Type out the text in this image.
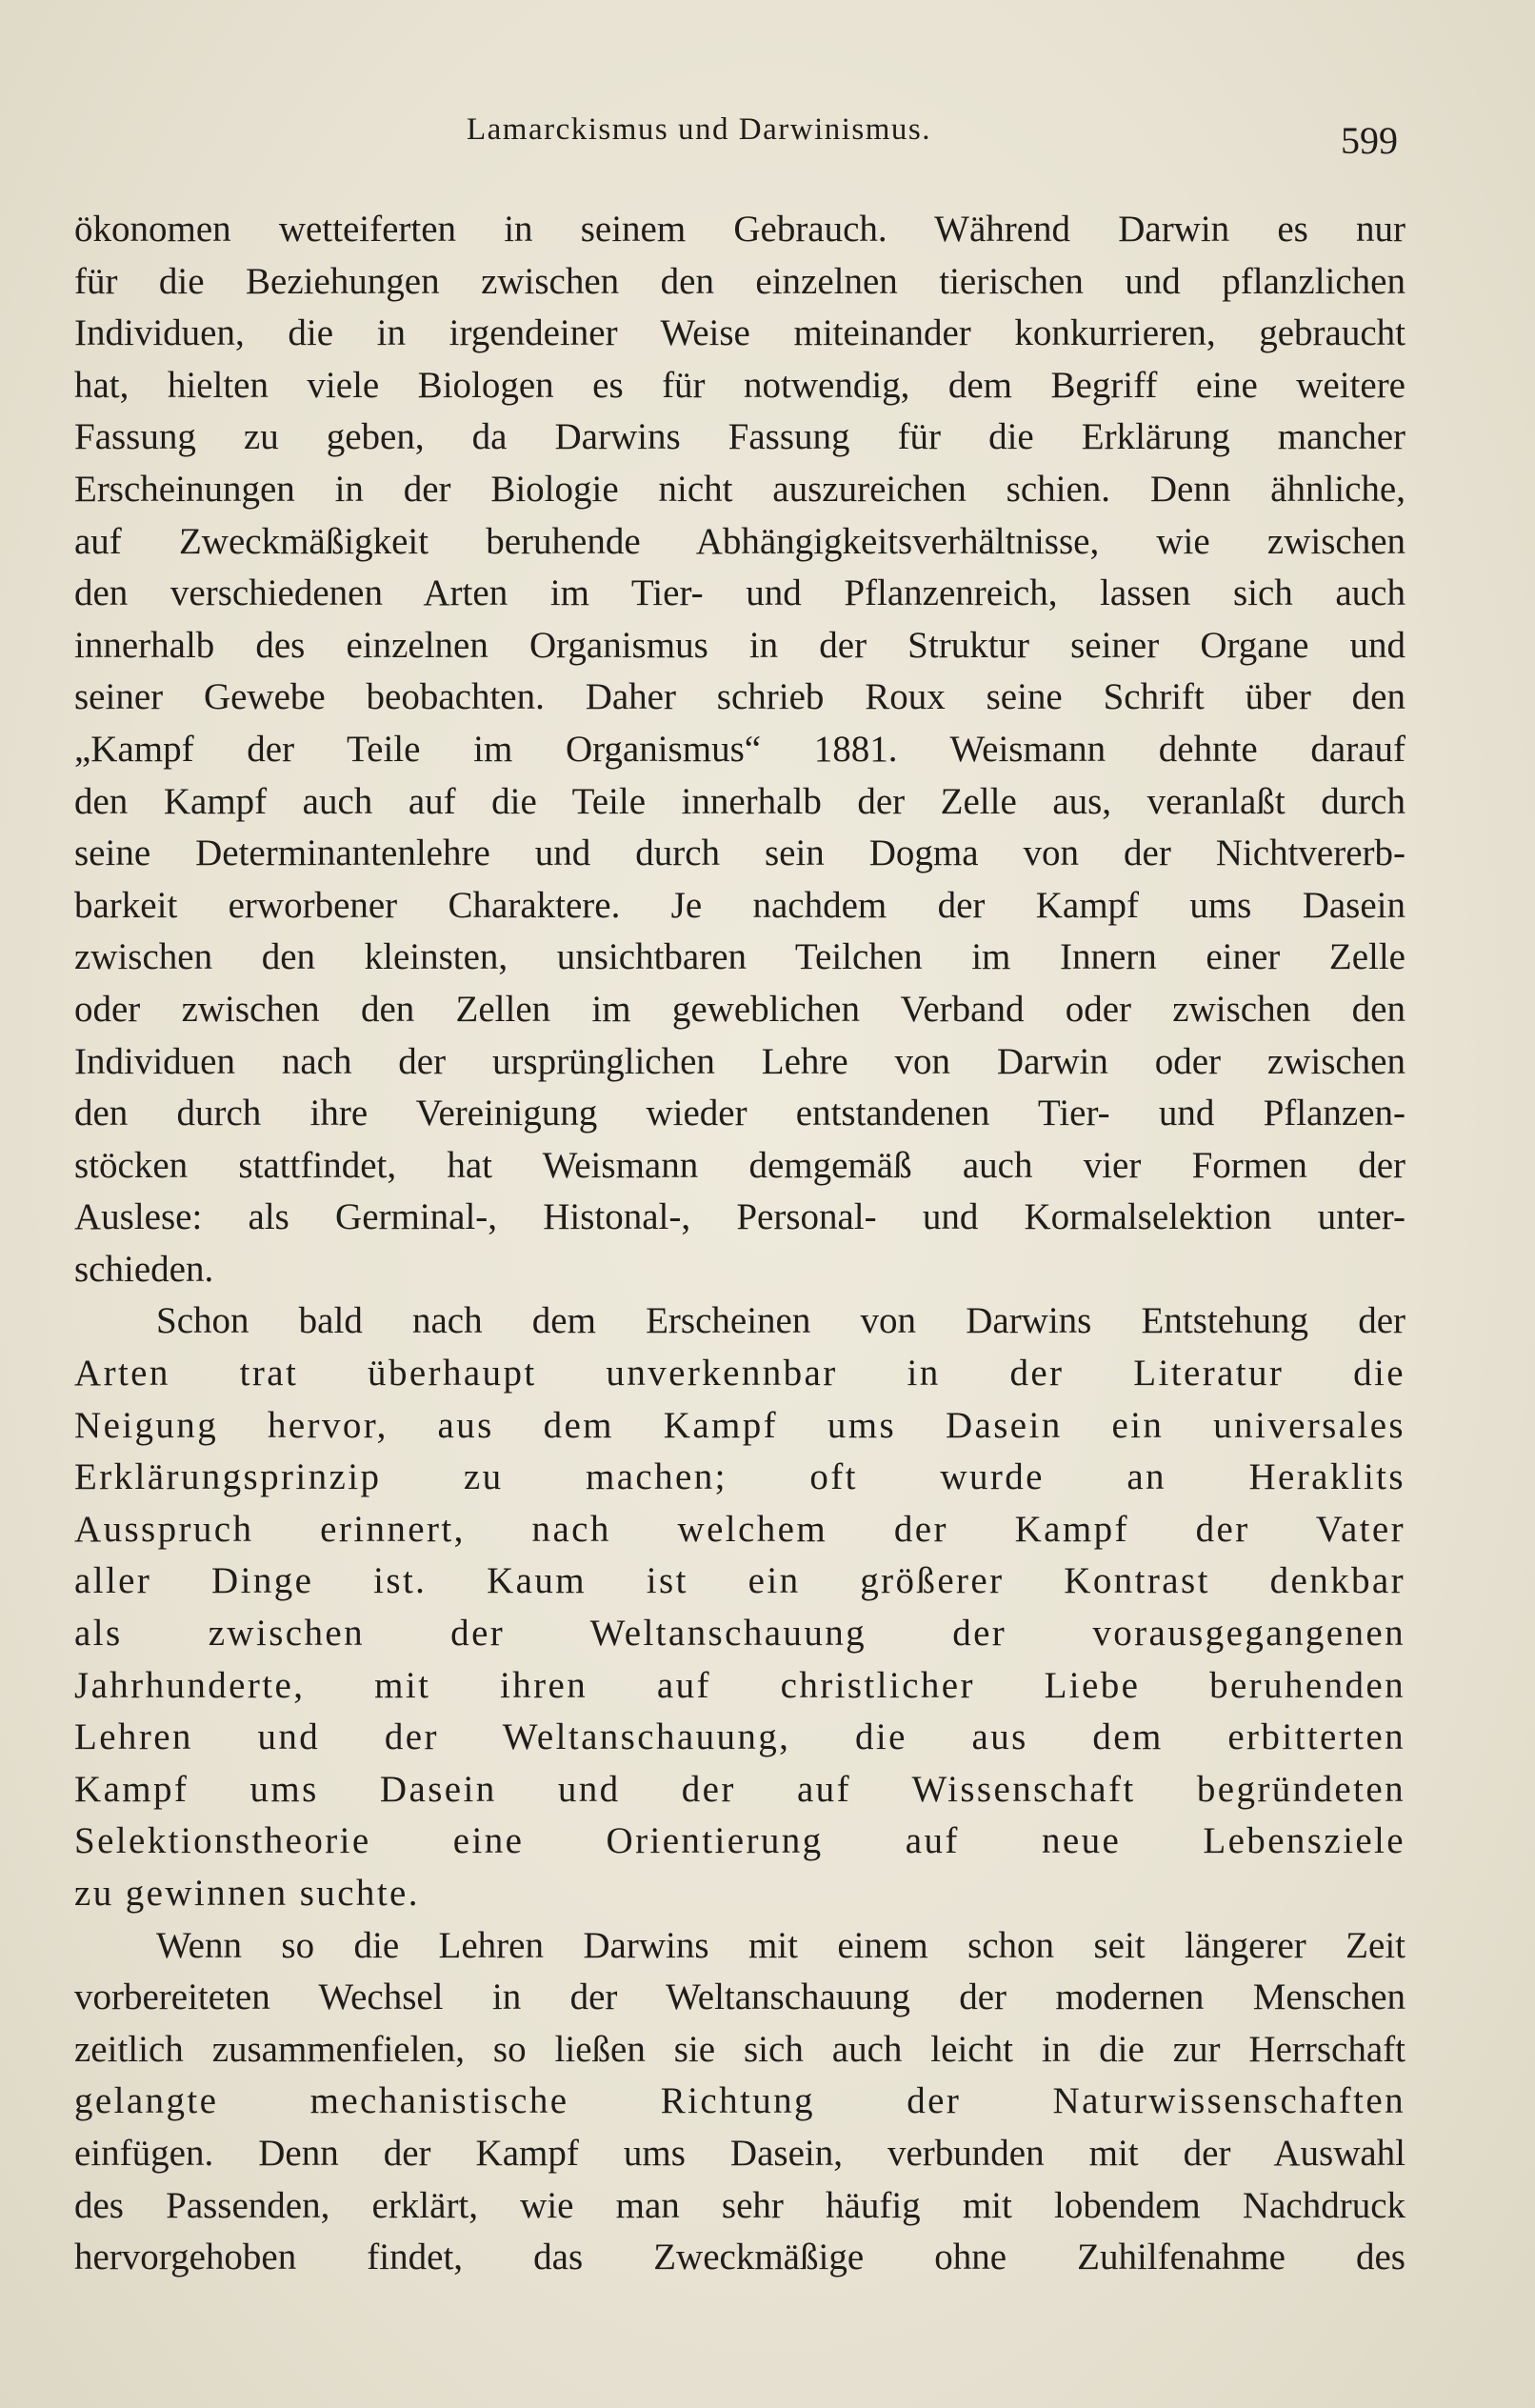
Lamarckismus und Darwinismus.	599
ökonomen wetteiferten in seinem Gebrauch. Während Darwin es nur
für die Beziehungen zwischen den einzelnen tierischen und pflanzlichen
Individuen, die in irgendeiner Weise miteinander konkurrieren, gebraucht
hat, hielten viele Biologen es für notwendig, dem Begriff eine weitere
Fassung zu geben, da Darwins Fassung für die Erklärung mancher
Erscheinungen in der Biologie nicht auszureichen schien. Denn ähnliche,
auf Zweckmäßigkeit beruhende Abhängigkeitsverhältnisse, wie zwischen
den verschiedenen Arten im Tier- und Pflanzenreich, lassen sich auch
innerhalb des einzelnen Organismus in der Struktur seiner Organe und
seiner Gewebe beobachten. Daher schrieb Roux seine Schrift über den
„Kampf der Teile im Organismus“ 1881. Weismann dehnte darauf
den Kampf auch auf die Teile innerhalb der Zelle aus, veranlaßt durch
seine Determinantenlehre und durch sein Dogma von der Nichtvererb-
barkeit erworbener Charaktere. Je nachdem der Kampf ums Dasein
zwischen den kleinsten, unsichtbaren Teilchen im Innern einer Zelle
oder zwischen den Zellen im geweblichen Verband oder zwischen den
Individuen nach der ursprünglichen Lehre von Darwin oder zwischen
den durch ihre Vereinigung wieder entstandenen Tier- und Pflanzen-
stöcken stattfindet, hat Weismann demgemäß auch vier Formen der
Auslese: als Germinal-, Histonal-, Personal- und Kormalselektion unter-
schieden.
Schon bald nach dem Erscheinen von Darwins Entstehung der
Arten trat überhaupt unverkennbar in der Literatur die
Neigung hervor, aus dem Kampf ums Dasein ein universales
Erklärungsprinzip zu machen; oft wurde an Heraklits
Ausspruch erinnert, nach welchem der Kampf der Vater
aller Dinge ist. Kaum ist ein größerer Kontrast denkbar
als zwischen der Weltanschauung der vorausgegangenen
Jahrhunderte, mit ihren auf christlicher Liebe beruhenden
Lehren und der Weltanschauung, die aus dem erbitterten
Kampf ums Dasein und der auf Wissenschaft begründeten
Selektionstheorie eine Orientierung auf neue Lebensziele
zu gewinnen suchte.
Wenn so die Lehren Darwins mit einem schon seit längerer Zeit
vorbereiteten Wechsel in der Weltanschauung der modernen Menschen
zeitlich zusammenfielen, so ließen sie sich auch leicht in die zur Herrschaft
gelangte mechanistische Richtung der Naturwissenschaften
einfügen. Denn der Kampf ums Dasein, verbunden mit der Auswahl
des Passenden, erklärt, wie man sehr häufig mit lobendem Nachdruck
hervorgehoben findet, das Zweckmäßige ohne Zuhilfenahme des
